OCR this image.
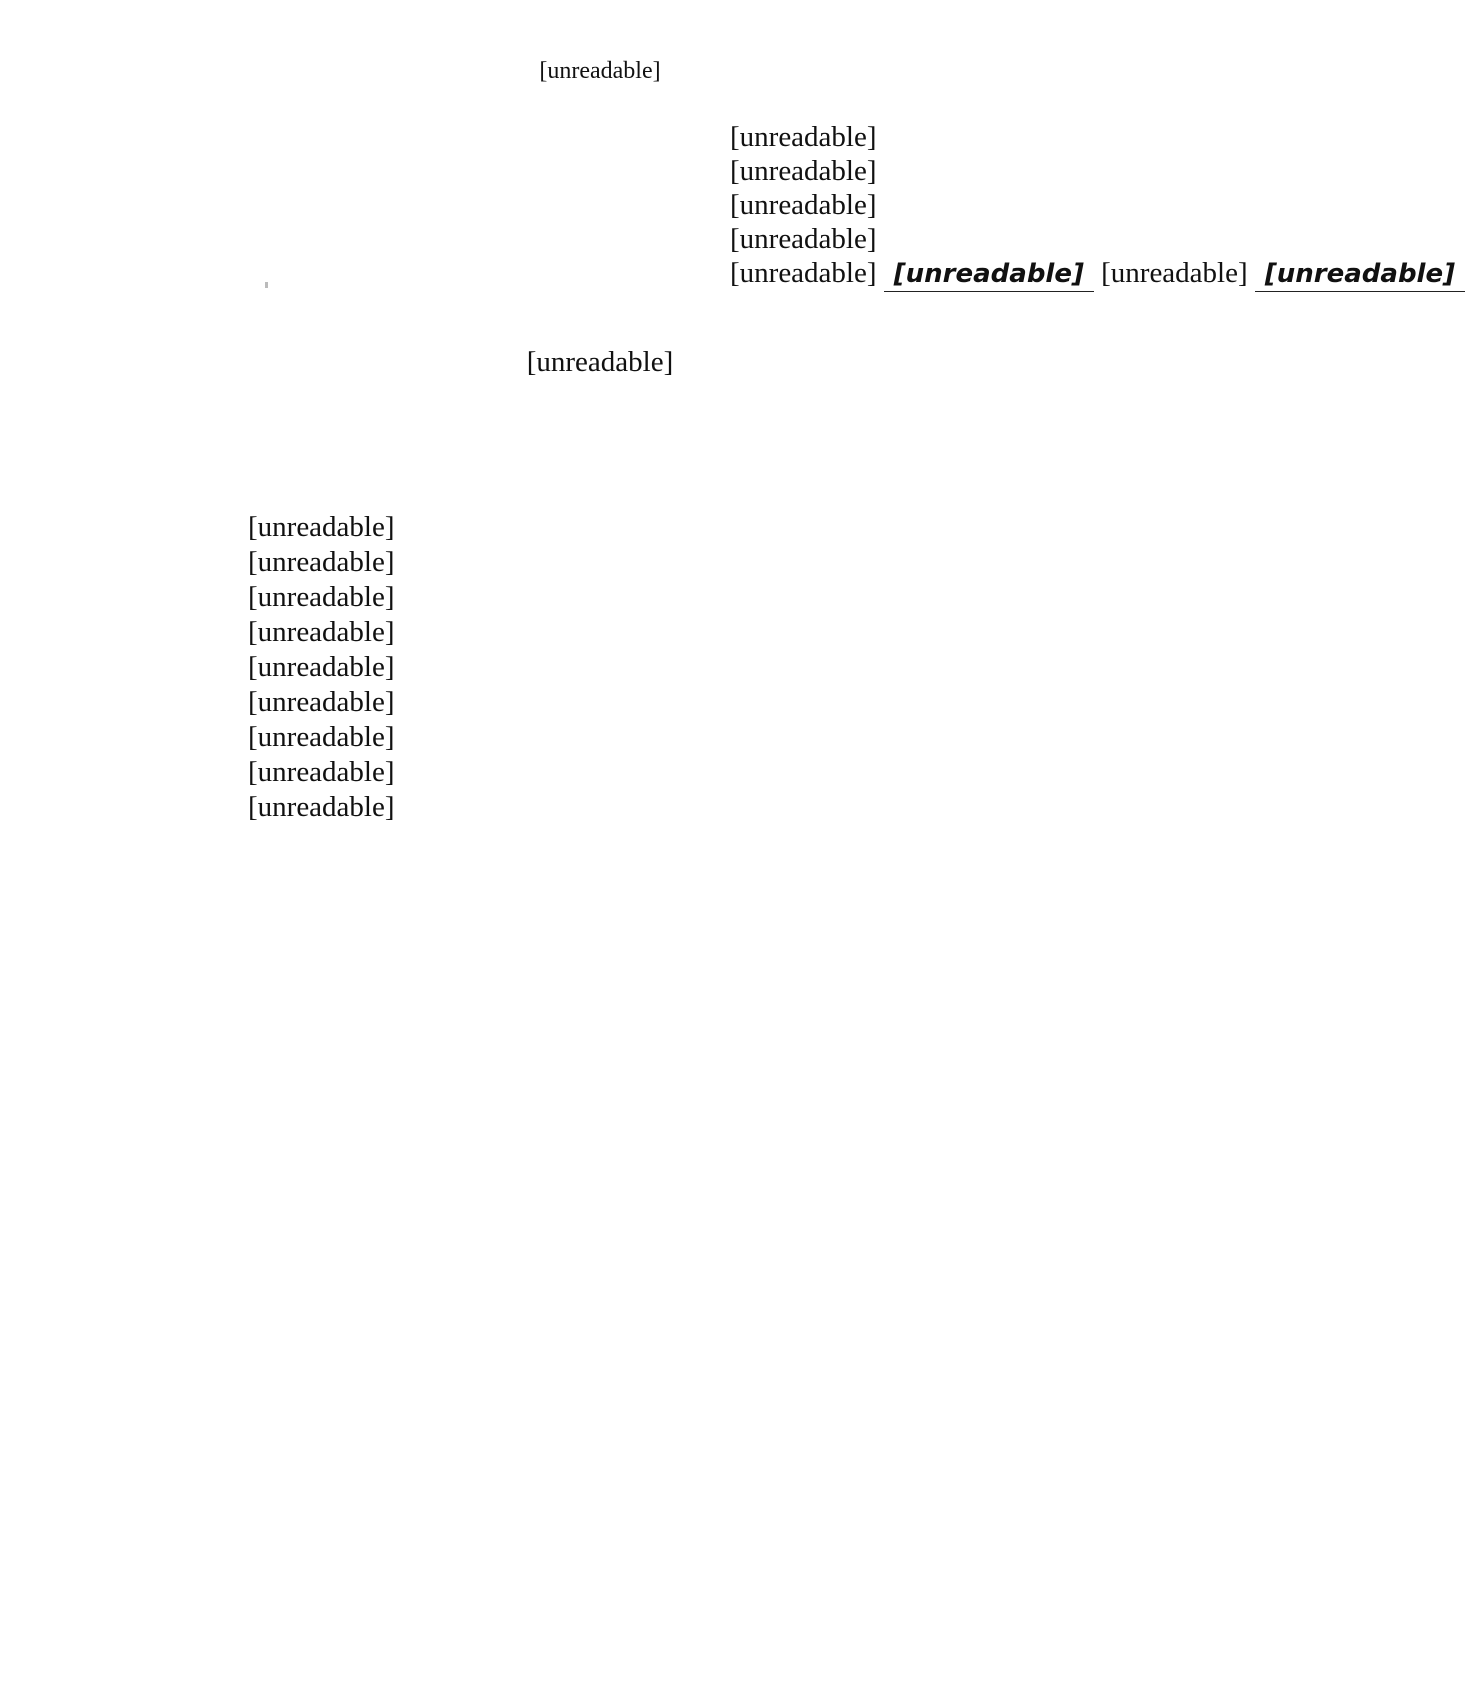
[unreadable]
[unreadable]
[unreadable]
[unreadable]
[unreadable]
[unreadable] [unreadable] [unreadable] [unreadable]
[unreadable]

[unreadable]

[unreadable]

[unreadable]

[unreadable]

[unreadable]

[unreadable]

[unreadable]

[unreadable]

[unreadable]
